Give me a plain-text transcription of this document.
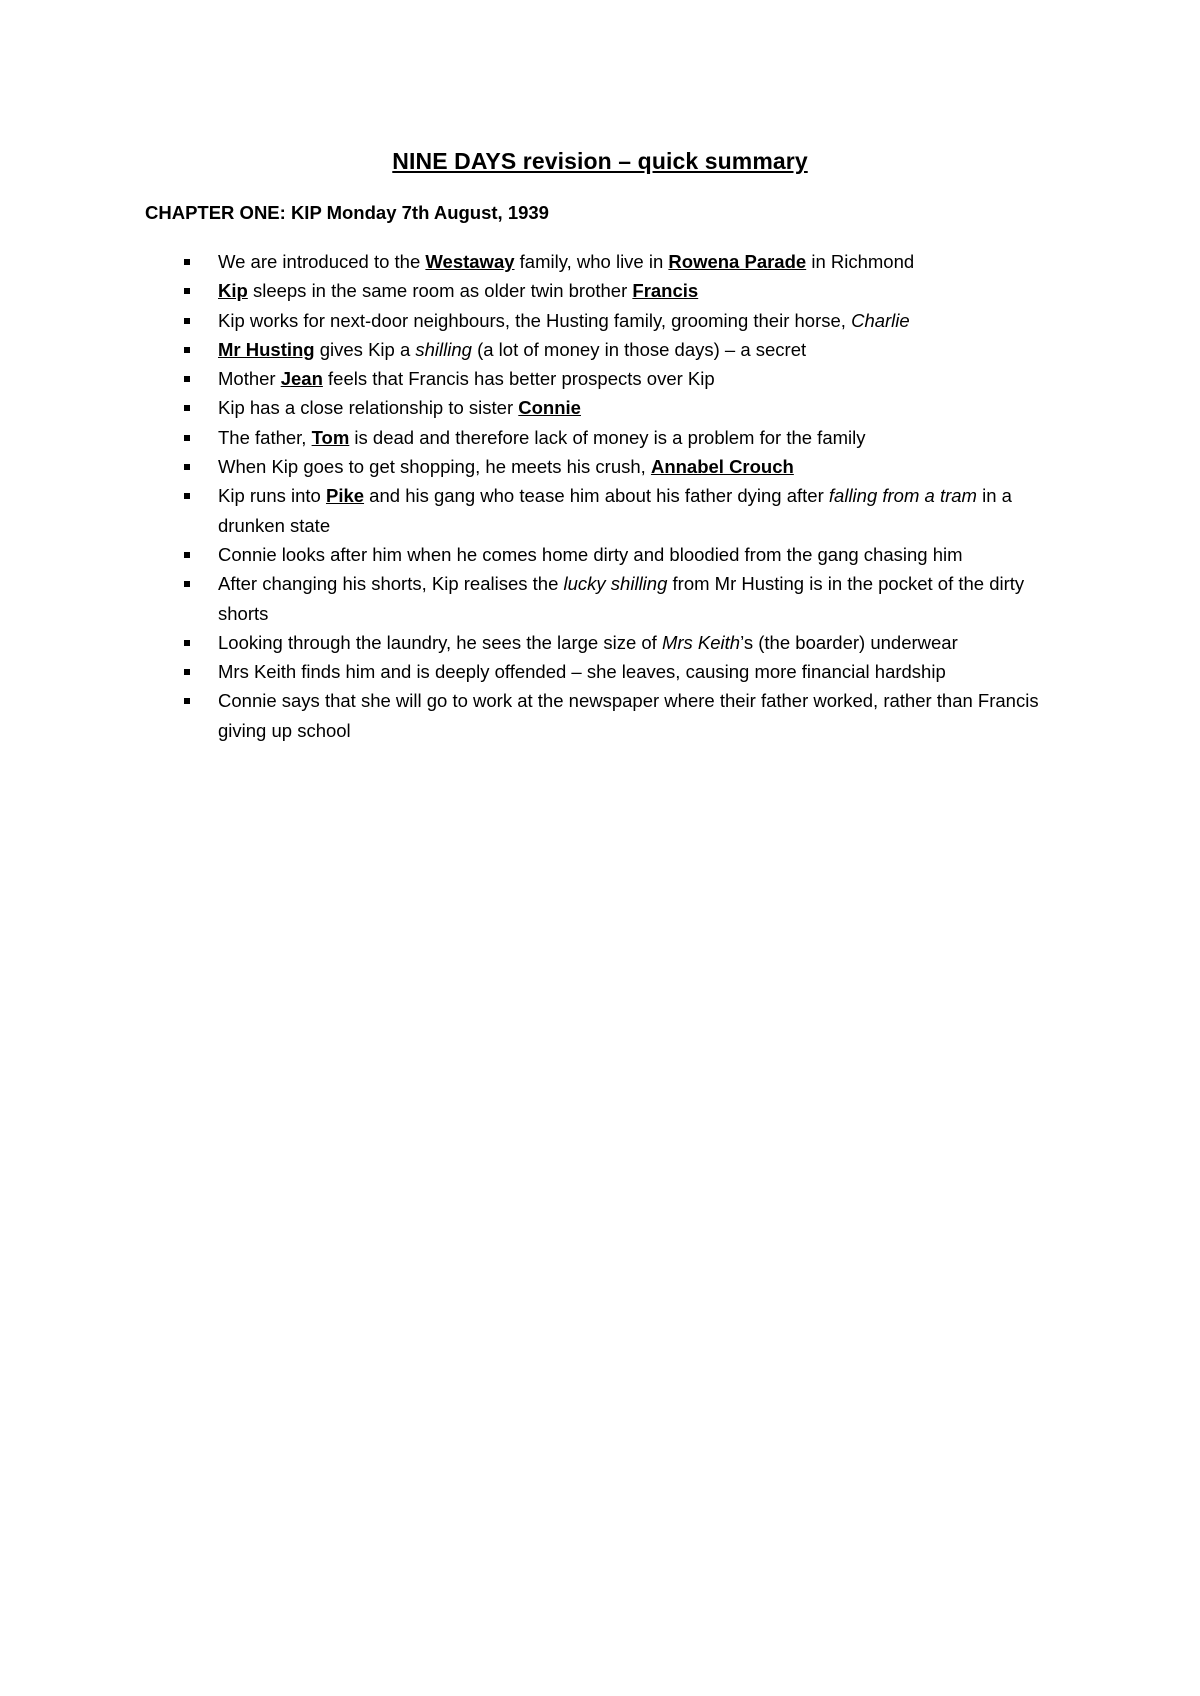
NINE DAYS revision – quick summary
CHAPTER ONE: KIP Monday 7th August, 1939
We are introduced to the Westaway family, who live in Rowena Parade in Richmond
Kip sleeps in the same room as older twin brother Francis
Kip works for next-door neighbours, the Husting family, grooming their horse, Charlie
Mr Husting gives Kip a shilling (a lot of money in those days) – a secret
Mother Jean feels that Francis has better prospects over Kip
Kip has a close relationship to sister Connie
The father, Tom is dead and therefore lack of money is a problem for the family
When Kip goes to get shopping, he meets his crush, Annabel Crouch
Kip runs into Pike and his gang who tease him about his father dying after falling from a tram in a drunken state
Connie looks after him when he comes home dirty and bloodied from the gang chasing him
After changing his shorts, Kip realises the lucky shilling from Mr Husting is in the pocket of the dirty shorts
Looking through the laundry, he sees the large size of Mrs Keith’s (the boarder) underwear
Mrs Keith finds him and is deeply offended – she leaves, causing more financial hardship
Connie says that she will go to work at the newspaper where their father worked, rather than Francis giving up school
